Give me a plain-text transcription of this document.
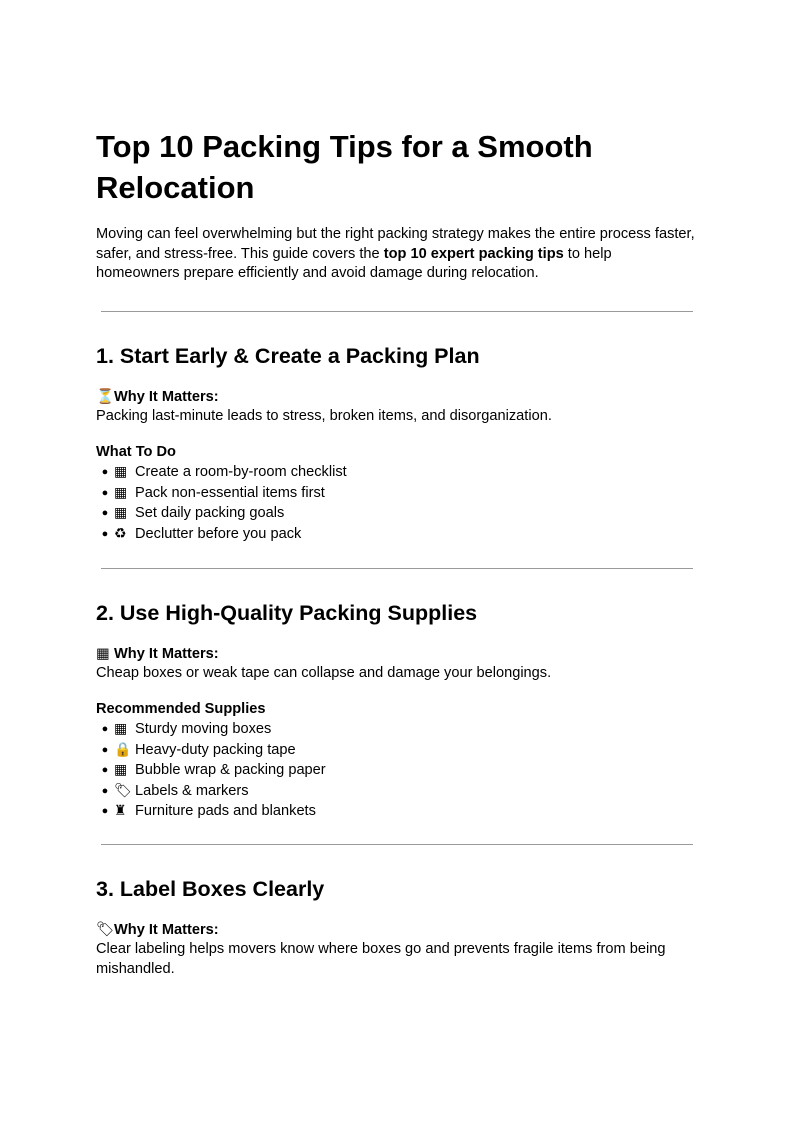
Top 10 Packing Tips for a Smooth Relocation

Moving can feel overwhelming but the right packing strategy makes the entire process faster, safer, and stress-free. This guide covers the top 10 expert packing tips to help homeowners prepare efficiently and avoid damage during relocation.

1. Start Early & Create a Packing Plan
⏳Why It Matters:

Packing last-minute leads to stress, broken items, and disorganization.

What To Do
● ▦ Create a room-by-room checklist
● ▦ Pack non-essential items first
● ▦ Set daily packing goals
● ♻ Declutter before you pack
2. Use High-Quality Packing Supplies
▦ Why It Matters:

Cheap boxes or weak tape can collapse and damage your belongings.

Recommended Supplies
● ▦ Sturdy moving boxes
● 🔒 Heavy-duty packing tape
● ▦ Bubble wrap & packing paper
● 🏷 Labels & markers
● ♜ Furniture pads and blankets
3. Label Boxes Clearly
🏷Why It Matters:

Clear labeling helps movers know where boxes go and prevents fragile items from being mishandled.
